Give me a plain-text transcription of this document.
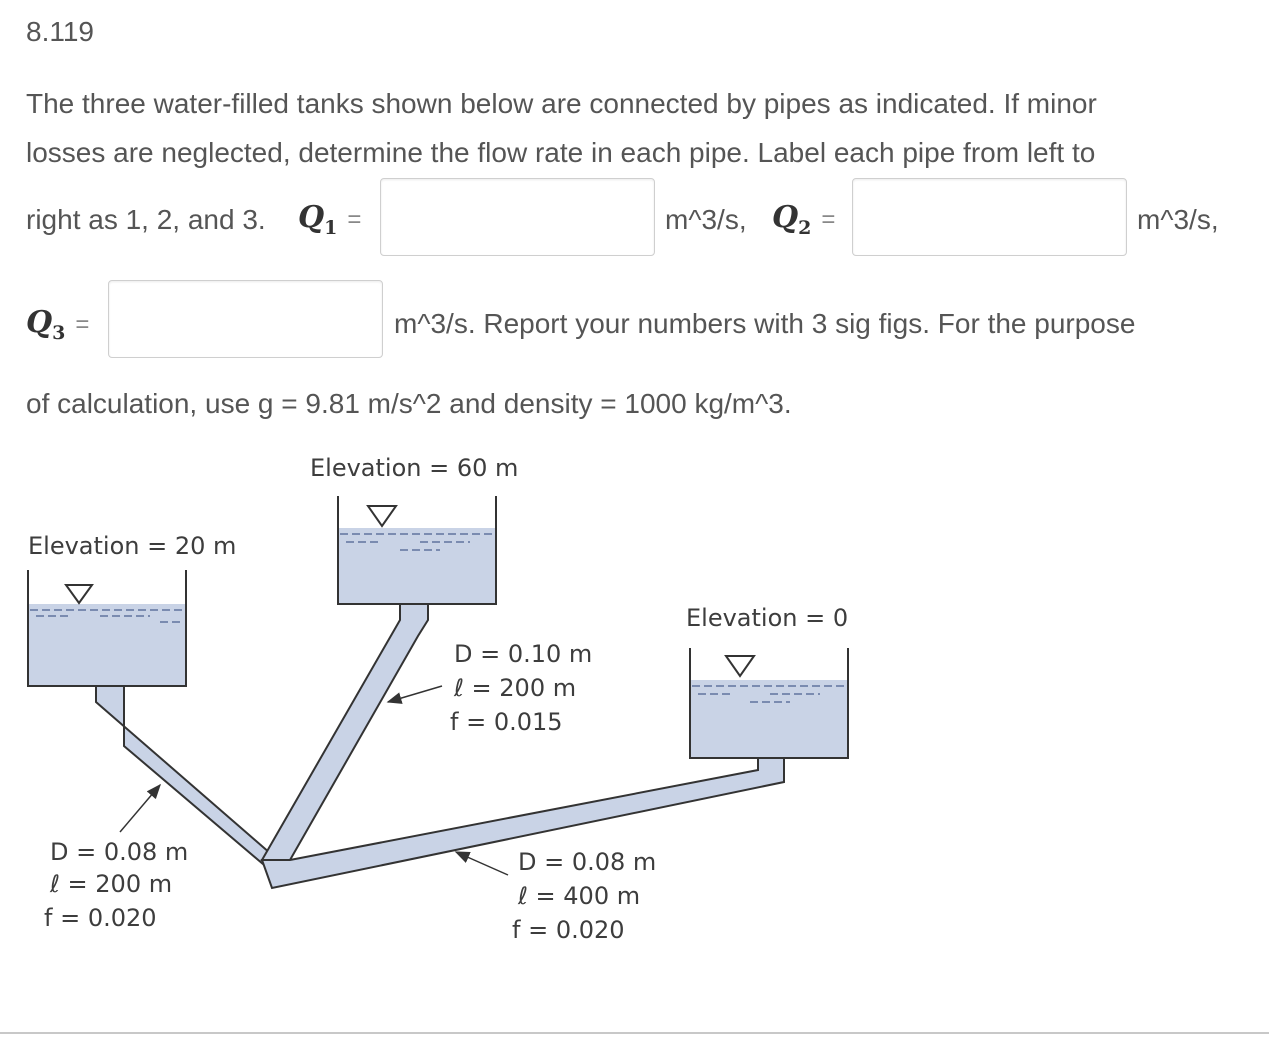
8.119
The three water-filled tanks shown below are connected by pipes as indicated. If minor
losses are neglected, determine the flow rate in each pipe. Label each pipe from left to
right as 1, 2, and 3. $Q_1$ =	m^3/s, $Q_2$ =	m^3/s,
$Q_3$ =	m^3/s. Report your numbers with 3 sig figs. For the purpose
of calculation, use g = 9.81 m/s^2 and density = 1000 kg/m^3.
Elevation = 20 m
Elevation = 60 m
Elevation = 0
D = 0.08 m
ℓ = 200 m
f = 0.020
D = 0.10 m
ℓ = 200 m
f = 0.015
D = 0.08 m
ℓ = 400 m
f = 0.020
